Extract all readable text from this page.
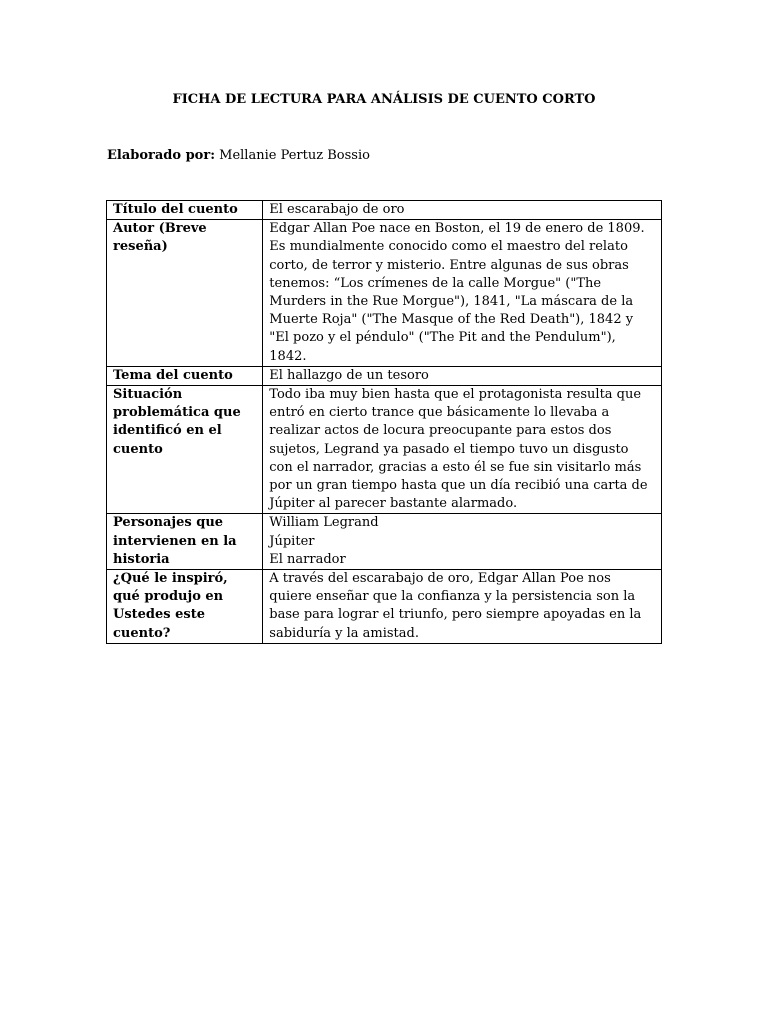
FICHA DE LECTURA PARA ANÁLISIS DE CUENTO CORTO
Elaborado por: Mellanie Pertuz Bossio
Título del cuento	El escarabajo de oro
Autor (Breve reseña)	Edgar Allan Poe nace en Boston, el 19 de enero de 1809. Es mundialmente conocido como el maestro del relato corto, de terror y misterio. Entre algunas de sus obras tenemos: “Los crímenes de la calle Morgue" ("The Murders in the Rue Morgue"), 1841, "La máscara de la Muerte Roja" ("The Masque of the Red Death"), 1842 y "El pozo y el péndulo" ("The Pit and the Pendulum"), 1842.
Tema del cuento	El hallazgo de un tesoro
Situación problemática que identificó en el cuento	Todo iba muy bien hasta que el protagonista resulta que entró en cierto trance que básicamente lo llevaba a realizar actos de locura preocupante para estos dos sujetos, Legrand ya pasado el tiempo tuvo un disgusto con el narrador, gracias a esto él se fue sin visitarlo más por un gran tiempo hasta que un día recibió una carta de Júpiter al parecer bastante alarmado.
Personajes que intervienen en la historia	William Legrand
Júpiter
El narrador

¿Qué le inspiró, qué produjo en Ustedes este cuento?	A través del escarabajo de oro, Edgar Allan Poe nos quiere enseñar que la confianza y la persistencia son la base para lograr el triunfo, pero siempre apoyadas en la sabiduría y la amistad.
